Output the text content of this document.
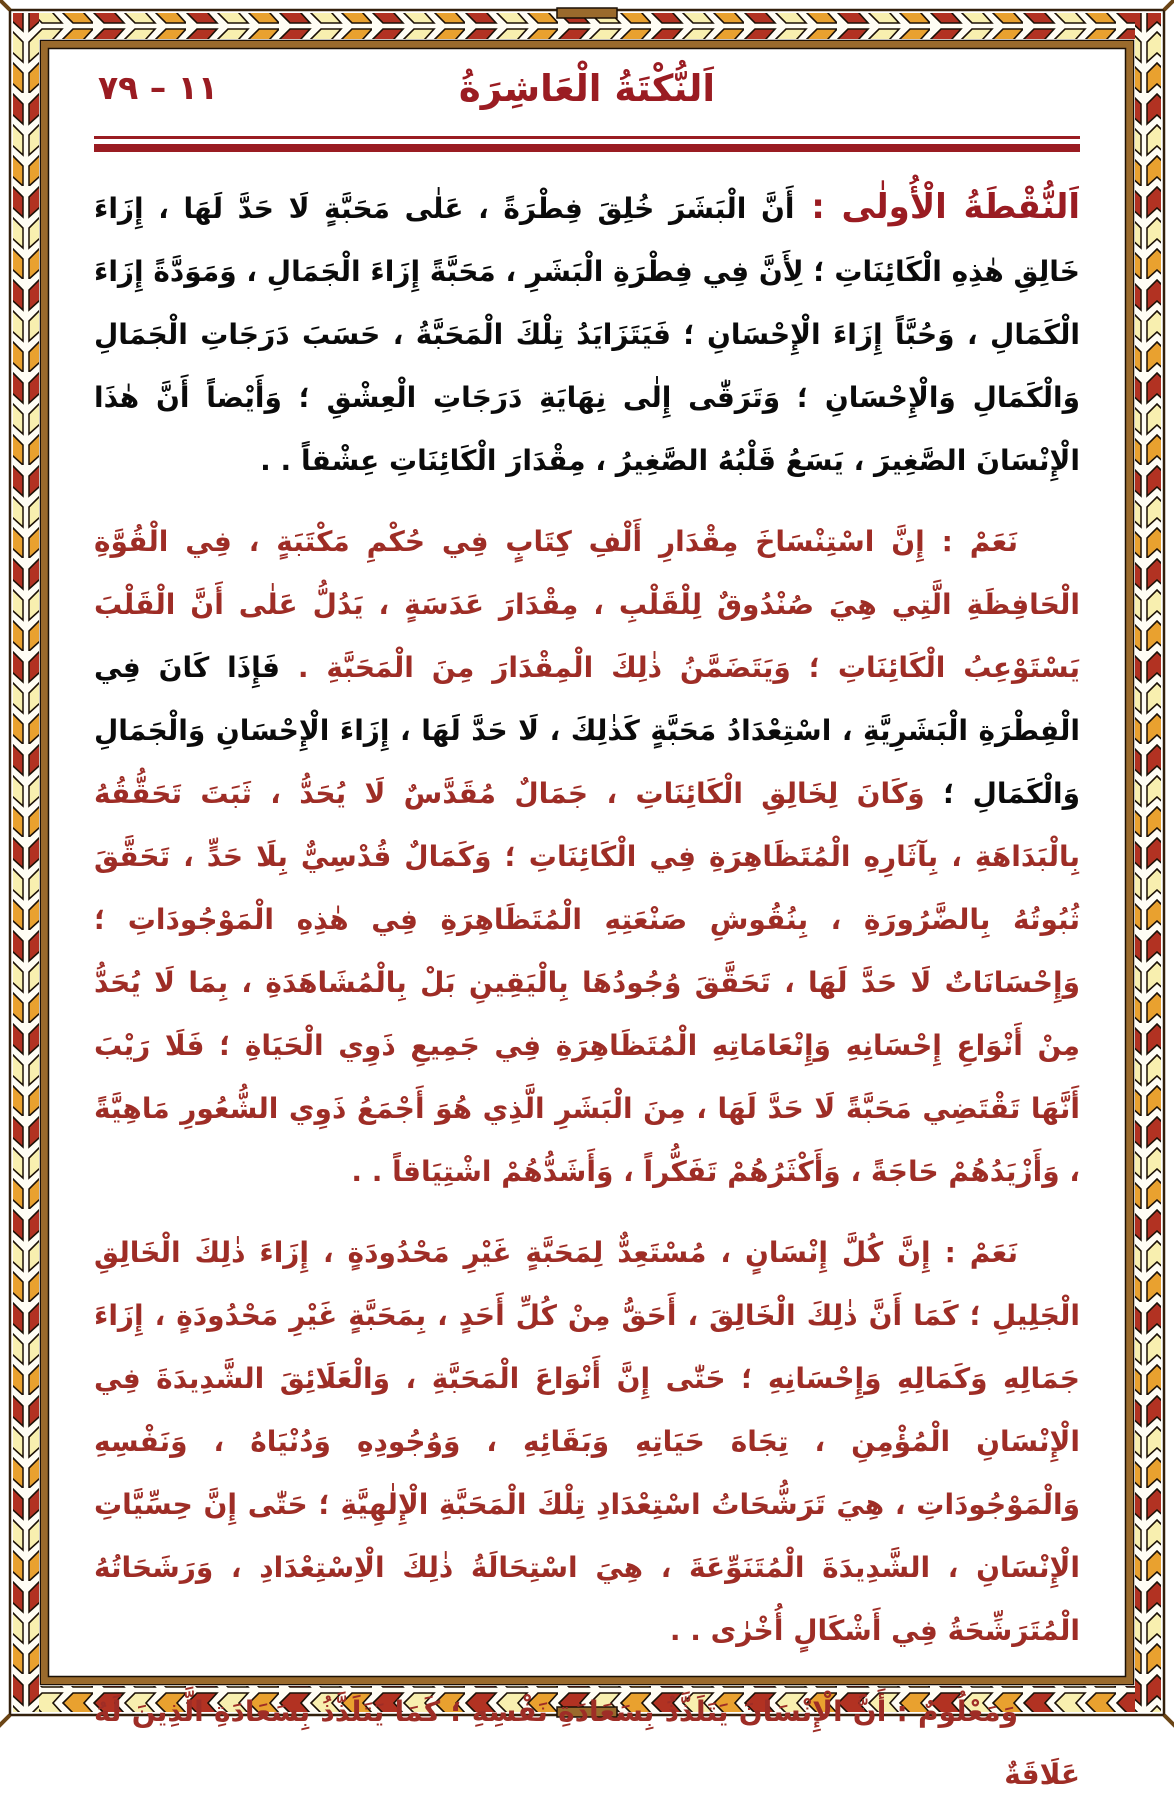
٧٩ – ١١	اَلنُّكْتَةُ الْعَاشِرَةُ

اَلنُّقْطَةُ الْأُولٰى : أَنَّ الْبَشَرَ خُلِقَ فِطْرَةً ، عَلٰى مَحَبَّةٍ لَا حَدَّ لَهَا ، إِزَاءَ خَالِقِ هٰذِهِ الْكَائِنَاتِ ؛ لِأَنَّ فِي فِطْرَةِ الْبَشَرِ ، مَحَبَّةً إِزَاءَ الْجَمَالِ ، وَمَوَدَّةً إِزَاءَ الْكَمَالِ ، وَحُبَّاً إِزَاءَ الْإِحْسَانِ ؛ فَيَتَزَايَدُ تِلْكَ الْمَحَبَّةُ ، حَسَبَ دَرَجَاتِ الْجَمَالِ وَالْكَمَالِ وَالْإِحْسَانِ ؛ وَتَرَقّٰى إِلٰى نِهَايَةِ دَرَجَاتِ الْعِشْقِ ؛ وَأَيْضاً أَنَّ هٰذَا الْإِنْسَانَ الصَّغِيرَ ، يَسَعُ قَلْبُهُ الصَّغِيرُ ، مِقْدَارَ الْكَائِنَاتِ عِشْقاً . .

نَعَمْ : إِنَّ اسْتِنْسَاخَ مِقْدَارِ أَلْفِ كِتَابٍ فِي حُكْمِ مَكْتَبَةٍ ، فِي الْقُوَّةِ الْحَافِظَةِ الَّتِي هِيَ صُنْدُوقٌ لِلْقَلْبِ ، مِقْدَارَ عَدَسَةٍ ، يَدُلُّ عَلٰى أَنَّ الْقَلْبَ يَسْتَوْعِبُ الْكَائِنَاتِ ؛ وَيَتَضَمَّنُ ذٰلِكَ الْمِقْدَارَ مِنَ الْمَحَبَّةِ . فَإِذَا كَانَ فِي الْفِطْرَةِ الْبَشَرِيَّةِ ، اسْتِعْدَادُ مَحَبَّةٍ كَذٰلِكَ ، لَا حَدَّ لَهَا ، إِزَاءَ الْإِحْسَانِ وَالْجَمَالِ وَالْكَمَالِ ؛ وَكَانَ لِخَالِقِ الْكَائِنَاتِ ، جَمَالٌ مُقَدَّسٌ لَا يُحَدُّ ، ثَبَتَ تَحَقُّقُهُ بِالْبَدَاهَةِ ، بِآثَارِهِ الْمُتَظَاهِرَةِ فِي الْكَائِنَاتِ ؛ وَكَمَالٌ قُدْسِيٌّ بِلَا حَدٍّ ، تَحَقَّقَ ثُبُوتُهُ بِالضَّرُورَةِ ، بِنُقُوشِ صَنْعَتِهِ الْمُتَظَاهِرَةِ فِي هٰذِهِ الْمَوْجُودَاتِ ؛ وَإِحْسَانَاتٌ لَا حَدَّ لَهَا ، تَحَقَّقَ وُجُودُهَا بِالْيَقِينِ بَلْ بِالْمُشَاهَدَةِ ، بِمَا لَا يُحَدُّ مِنْ أَنْوَاعِ إِحْسَانِهِ وَإِنْعَامَاتِهِ الْمُتَظَاهِرَةِ فِي جَمِيعِ ذَوِي الْحَيَاةِ ؛ فَلَا رَيْبَ أَنَّهَا تَقْتَضِي مَحَبَّةً لَا حَدَّ لَهَا ، مِنَ الْبَشَرِ الَّذِي هُوَ أَجْمَعُ ذَوِي الشُّعُورِ مَاهِيَّةً ، وَأَزْيَدُهُمْ حَاجَةً ، وَأَكْثَرُهُمْ تَفَكُّراً ، وَأَشَدُّهُمْ اشْتِيَاقاً . .

نَعَمْ : إِنَّ كُلَّ إِنْسَانٍ ، مُسْتَعِدٌّ لِمَحَبَّةٍ غَيْرِ مَحْدُودَةٍ ، إِزَاءَ ذٰلِكَ الْخَالِقِ الْجَلِيلِ ؛ كَمَا أَنَّ ذٰلِكَ الْخَالِقَ ، أَحَقُّ مِنْ كُلِّ أَحَدٍ ، بِمَحَبَّةٍ غَيْرِ مَحْدُودَةٍ ، إِزَاءَ جَمَالِهِ وَكَمَالِهِ وَإِحْسَانِهِ ؛ حَتّٰى إِنَّ أَنْوَاعَ الْمَحَبَّةِ ، وَالْعَلَائِقَ الشَّدِيدَةَ فِي الْإِنْسَانِ الْمُؤْمِنِ ، تِجَاهَ حَيَاتِهِ وَبَقَائِهِ ، وَوُجُودِهِ وَدُنْيَاهُ ، وَنَفْسِهِ وَالْمَوْجُودَاتِ ، هِيَ تَرَشُّحَاتُ اسْتِعْدَادِ تِلْكَ الْمَحَبَّةِ الْإِلٰهِيَّةِ ؛ حَتّٰى إِنَّ حِسِّيَّاتِ الْإِنْسَانِ ، الشَّدِيدَةَ الْمُتَنَوِّعَةَ ، هِيَ اسْتِحَالَةُ ذٰلِكَ الْاِسْتِعْدَادِ ، وَرَشَحَاتُهُ الْمُتَرَشِّحَةُ فِي أَشْكَالٍ أُخْرٰى . .

وَمَعْلُومٌ : أَنَّ الْإِنْسَانَ يَتَلَذَّذُ بِسَعَادَةِ نَفْسِهِ ؛ كَمَا يَتَلَذَّذُ بِسَعَادَةِ الَّذِينَ لَهُ عَلَاقَةٌ
